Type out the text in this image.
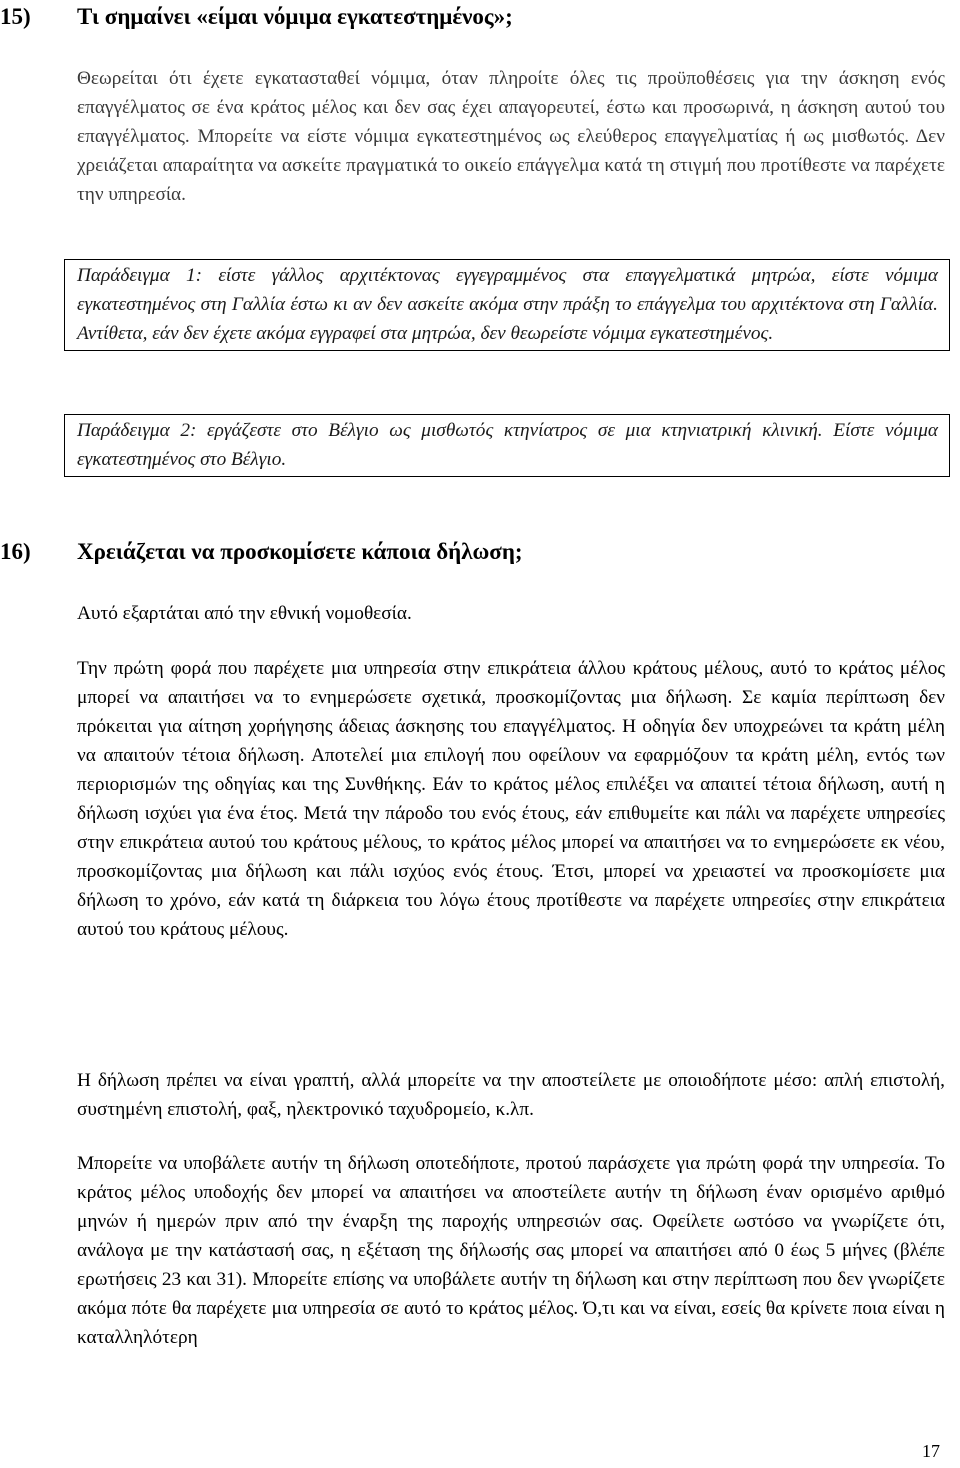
15) Τι σημαίνει «είμαι νόμιμα εγκατεστημένος»;
Θεωρείται ότι έχετε εγκατασταθεί νόμιμα, όταν πληροίτε όλες τις προϋποθέσεις για την άσκηση ενός επαγγέλματος σε ένα κράτος μέλος και δεν σας έχει απαγορευτεί, έστω και προσωρινά, η άσκηση αυτού του επαγγέλματος. Μπορείτε να είστε νόμιμα εγκατεστημένος ως ελεύθερος επαγγελματίας ή ως μισθωτός. Δεν χρειάζεται απαραίτητα να ασκείτε πραγματικά το οικείο επάγγελμα κατά τη στιγμή που προτίθεστε να παρέχετε την υπηρεσία.

Παράδειγμα 1: είστε γάλλος αρχιτέκτονας εγγεγραμμένος στα επαγγελματικά μητρώα, είστε νόμιμα εγκατεστημένος στη Γαλλία έστω κι αν δεν ασκείτε ακόμα στην πράξη το επάγγελμα του αρχιτέκτονα στη Γαλλία. Αντίθετα, εάν δεν έχετε ακόμα εγγραφεί στα μητρώα, δεν θεωρείστε νόμιμα εγκατεστημένος.

Παράδειγμα 2: εργάζεστε στο Βέλγιο ως μισθωτός κτηνίατρος σε μια κτηνιατρική κλινική. Είστε νόμιμα εγκατεστημένος στο Βέλγιο.

16) Χρειάζεται να προσκομίσετε κάποια δήλωση;
Αυτό εξαρτάται από την εθνική νομοθεσία.
Την πρώτη φορά που παρέχετε μια υπηρεσία στην επικράτεια άλλου κράτους μέλους, αυτό το κράτος μέλος μπορεί να απαιτήσει να το ενημερώσετε σχετικά, προσκομίζοντας μια δήλωση. Σε καμία περίπτωση δεν πρόκειται για αίτηση χορήγησης άδειας άσκησης του επαγγέλματος. Η οδηγία δεν υποχρεώνει τα κράτη μέλη να απαιτούν τέτοια δήλωση. Αποτελεί μια επιλογή που οφείλουν να εφαρμόζουν τα κράτη μέλη, εντός των περιορισμών της οδηγίας και της Συνθήκης. Εάν το κράτος μέλος επιλέξει να απαιτεί τέτοια δήλωση, αυτή η δήλωση ισχύει για ένα έτος. Μετά την πάροδο του ενός έτους, εάν επιθυμείτε και πάλι να παρέχετε υπηρεσίες στην επικράτεια αυτού του κράτους μέλους, το κράτος μέλος μπορεί να απαιτήσει να το ενημερώσετε εκ νέου, προσκομίζοντας μια δήλωση και πάλι ισχύος ενός έτους. Έτσι, μπορεί να χρειαστεί να προσκομίσετε μια δήλωση το χρόνο, εάν κατά τη διάρκεια του λόγω έτους προτίθεστε να παρέχετε υπηρεσίες στην επικράτεια αυτού του κράτους μέλους.
Η δήλωση πρέπει να είναι γραπτή, αλλά μπορείτε να την αποστείλετε με οποιοδήποτε μέσο: απλή επιστολή, συστημένη επιστολή, φαξ, ηλεκτρονικό ταχυδρομείο, κ.λπ.
Μπορείτε να υποβάλετε αυτήν τη δήλωση οποτεδήποτε, προτού παράσχετε για πρώτη φορά την υπηρεσία. Το κράτος μέλος υποδοχής δεν μπορεί να απαιτήσει να αποστείλετε αυτήν τη δήλωση έναν ορισμένο αριθμό μηνών ή ημερών πριν από την έναρξη της παροχής υπηρεσιών σας. Οφείλετε ωστόσο να γνωρίζετε ότι, ανάλογα με την κατάστασή σας, η εξέταση της δήλωσής σας μπορεί να απαιτήσει από 0 έως 5 μήνες (βλέπε ερωτήσεις 23 και 31). Μπορείτε επίσης να υποβάλετε αυτήν τη δήλωση και στην περίπτωση που δεν γνωρίζετε ακόμα πότε θα παρέχετε μια υπηρεσία σε αυτό το κράτος μέλος. Ό,τι και να είναι, εσείς θα κρίνετε ποια είναι η καταλληλότερη
17
